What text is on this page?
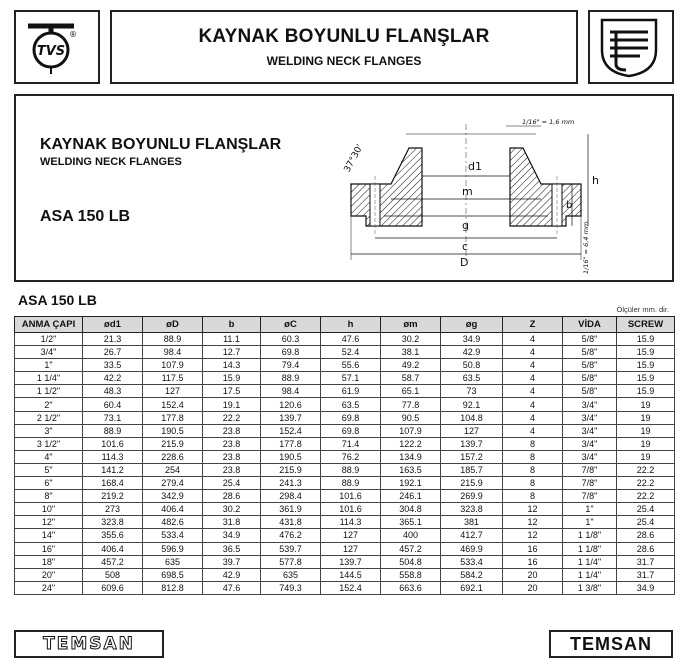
TVS
®	KAYNAK BOYUNLU FLANŞLAR
WELDING NECK FLANGES
KAYNAK BOYUNLU FLANŞLAR
WELDING NECK FLANGES
ASA 150 LB
d1
m
g
c
D
h
b
37°30'
1/16" = 1,6 mm
1/16" = 6,4 mm
ASA 150 LB
Ölçüler mm. dir.
ANMA ÇAPI	ød1	øD	b	øC	h	øm	øg	Z	VİDA	SCREW
1/2"	21.3	88.9	11.1	60.3	47.6	30.2	34.9	4	5/8"	15.9
3/4"	26.7	98.4	12.7	69.8	52.4	38.1	42.9	4	5/8"	15.9
1"	33.5	107.9	14.3	79.4	55.6	49.2	50.8	4	5/8"	15.9
1 1/4"	42.2	117.5	15.9	88.9	57.1	58.7	63.5	4	5/8"	15.9
1 1/2"	48.3	127	17.5	98.4	61.9	65.1	73	4	5/8"	15.9
2"	60.4	152.4	19.1	120.6	63.5	77.8	92.1	4	3/4"	19
2 1/2"	73.1	177.8	22.2	139.7	69.8	90.5	104.8	4	3/4"	19
3"	88.9	190.5	23.8	152.4	69.8	107.9	127	4	3/4"	19
3 1/2"	101.6	215.9	23.8	177.8	71.4	122.2	139.7	8	3/4"	19
4"	114.3	228.6	23.8	190.5	76.2	134.9	157.2	8	3/4"	19
5"	141.2	254	23.8	215.9	88.9	163.5	185.7	8	7/8"	22.2
6"	168.4	279.4	25.4	241.3	88.9	192.1	215.9	8	7/8"	22.2
8"	219.2	342.9	28.6	298.4	101.6	246.1	269.9	8	7/8"	22.2
10"	273	406.4	30.2	361.9	101.6	304.8	323.8	12	1"	25.4
12"	323.8	482.6	31.8	431.8	114.3	365.1	381	12	1"	25.4
14"	355.6	533.4	34.9	476.2	127	400	412.7	12	1 1/8"	28.6
16"	406.4	596.9	36.5	539.7	127	457.2	469.9	16	1 1/8"	28.6
18"	457.2	635	39.7	577.8	139.7	504.8	533.4	16	1 1/4"	31.7
20"	508	698.5	42.9	635	144.5	558.8	584.2	20	1 1/4"	31.7
24"	609.6	812.8	47.6	749.3	152.4	663.6	692.1	20	1 3/8"	34.9
TEMSAN	TEMSAN
